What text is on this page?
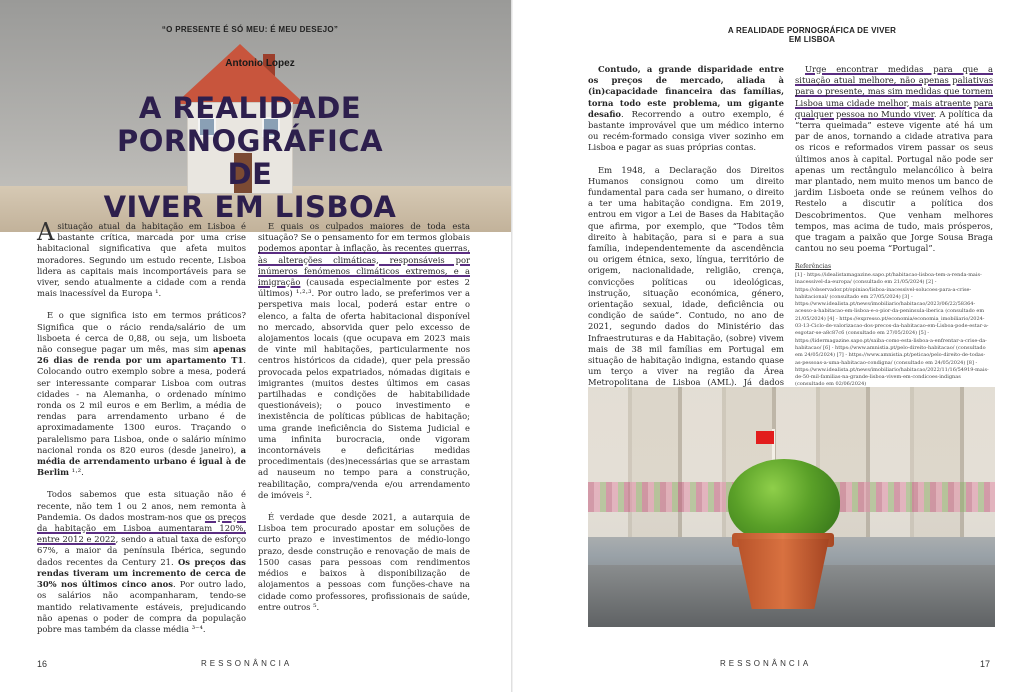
“O PRESENTE É SÓ MEU: É MEU DESEJO”
Antonio Lopez
A REALIDADE
PORNOGRÁFICA DE
VIVER EM LISBOA

Asituação atual da habitação em Lisboa é bastante crítica, marcada por uma crise habitacional significativa que afeta muitos moradores. Segundo um estudo recente, Lisboa lidera as capitais mais incomportáveis para se viver, sendo atualmente a cidade com a renda mais inacessível da Europa ¹.

E o que significa isto em termos práticos? Significa que o rácio renda/salário de um lisboeta é cerca de 0,88, ou seja, um lisboeta não consegue pagar um mês, mas sim apenas 26 dias de renda por um apartamento T1. Colocando outro exemplo sobre a mesa, poderá ser interessante comparar Lisboa com outras cidades - na Alemanha, o ordenado mínimo ronda os 2 mil euros e em Berlim, a média de rendas para arrendamento urbano é de aproximadamente 1300 euros. Traçando o paralelismo para Lisboa, onde o salário mínimo nacional ronda os 820 euros (desde janeiro), a média de arrendamento urbano é igual à de Berlim ¹·².

Todos sabemos que esta situação não é recente, não tem 1 ou 2 anos, nem remonta à Pandemia. Os dados mostram-nos que os preços da habitação em Lisboa aumentaram 120%, entre 2012 e 2022, sendo a atual taxa de esforço 67%, a maior da península Ibérica, segundo dados recentes da Century 21. Os preços das rendas tiveram um incremento de cerca de 30% nos últimos cinco anos. Por outro lado, os salários não acompanharam, tendo-se mantido relativamente estáveis, prejudicando não apenas o poder de compra da população pobre mas também da classe média ³⁻⁴.

E quais os culpados maiores de toda esta situação? Se o pensamento for em termos globais podemos apontar à inflação, às recentes guerras, às alterações climáticas, responsáveis por inúmeros fenómenos climáticos extremos, e a imigração (causada especialmente por estes 2 últimos) ¹·²·³. Por outro lado, se preferimos ver a perspetiva mais local, poderá estar entre o elenco, a falta de oferta habitacional disponível no mercado, absorvida quer pelo excesso de alojamentos locais (que ocupava em 2023 mais de vinte mil habitações, particularmente nos centros históricos da cidade), quer pela pressão provocada pelos expatriados, nómadas digitais e imigrantes (muitos destes últimos em casas partilhadas e condições de habitabilidade questionáveis); o pouco investimento e inexistência de políticas públicas de habitação; uma grande ineficiência do Sistema Judicial e uma infinita burocracia, onde vigoram incontornáveis e deficitárias medidas procedimentais (des)necessárias que se arrastam ad nauseum no tempo para a construção, reabilitação, compra/venda e/ou arrendamento de imóveis ².

É verdade que desde 2021, a autarquia de Lisboa tem procurado apostar em soluções de curto prazo e investimentos de médio-longo prazo, desde construção e renovação de mais de 1500 casas para pessoas com rendimentos médios e baixos à disponibilização de alojamentos a pessoas com funções-chave na cidade como professores, profissionais de saúde, entre outros ⁵.

16	RESSONÂNCIA
A REALIDADE PORNOGRÁFICA DE VIVER EM LISBOA

Contudo, a grande disparidade entre os preços de mercado, aliada à (in)capacidade financeira das famílias, torna todo este problema, um gigante desafio. Recorrendo a outro exemplo, é bastante improvável que um médico interno ou recém-formado consiga viver sozinho em Lisboa e pagar as suas próprias contas.

Em 1948, a Declaração dos Direitos Humanos consignou como um direito fundamental para cada ser humano, o direito a ter uma habitação condigna. Em 2019, entrou em vigor a Lei de Bases da Habitação que afirma, por exemplo, que “Todos têm direito à habitação, para si e para a sua família, independentemente da ascendência ou origem étnica, sexo, língua, território de origem, nacionalidade, religião, crença, convicções políticas ou ideológicas, instrução, situação económica, género, orientação sexual, idade, deficiência ou condição de saúde”. Contudo, no ano de 2021, segundo dados do Ministério das Infraestruturas e da Habitação, (sobre) vivem mais de 38 mil famílias em Portugal em situação de habitação indigna, estando quase um terço a viver na região da Área Metropolitana de Lisboa (AML). Já dados

Urge encontrar medidas para que a situação atual melhore, não apenas paliativas para o presente, mas sim medidas que tornem Lisboa uma cidade melhor, mais atraente para qualquer pessoa no Mundo viver. A política da “terra queimada” esteve vigente até há um par de anos, tornando a cidade atrativa para os ricos e reformados virem passar os seus últimos anos à capital. Portugal não pode ser apenas um rectângulo melancólico à beira mar plantado, nem muito menos um banco de jardim Lisboeta onde se reúnem velhos do Restelo a discutir a política dos Descobrimentos. Que venham melhores tempos, mas acima de tudo, mais prósperos, que tragam a paixão que Jorge Sousa Braga cantou no seu poema “Portugal”.

Referências
[1] - https://idealistamagazine.sapo.pt/habitacao-lisboa-tem-a-renda-mais-inacessivel-da-europa/ (consultado em 21/05/2024) [2] - https://observador.pt/opiniao/lisboa-inacessivel-solucoes-para-a-crise-habitacional/ (consultado em 27/05/2024) [3] - https://www.idealista.pt/news/imobiliario/habitacao/2023/06/22/58364-acesso-a-habitacao-em-lisboa-e-o-pior-da-peninsula-iberica (consultado em 21/05/2024) [4] - https://expresso.pt/economia/economia_imobiliario/2024-03-13-Ciclo-de-valorizacao-dos-precos-da-habitacao-em-Lisboa-pode-estar-a-esgotar-se-a8c87c6 (consultado em 27/05/2024) [5] - https://lidermagazine.sapo.pt/saiba-como-esta-lisboa-a-enfrentar-a-crise-da-habitacao/ [6] - https://www.amnistia.pt/pelo-direito-habitacao/ (consultado em 24/05/2024) [7] - https://www.amnistia.pt/peticao/pelo-direito-de-todas-as-pessoas-a-uma-habitacao-condigna/ (consultado em 24/05/2024) [8] - https://www.idealista.pt/news/imobiliario/habitacao/2022/11/16/54919-mais-de-50-mil-familias-na-grande-lisboa-vivem-em-condicoes-indignas (consultado em 02/06/2024)
RESSONÂNCIA	17
